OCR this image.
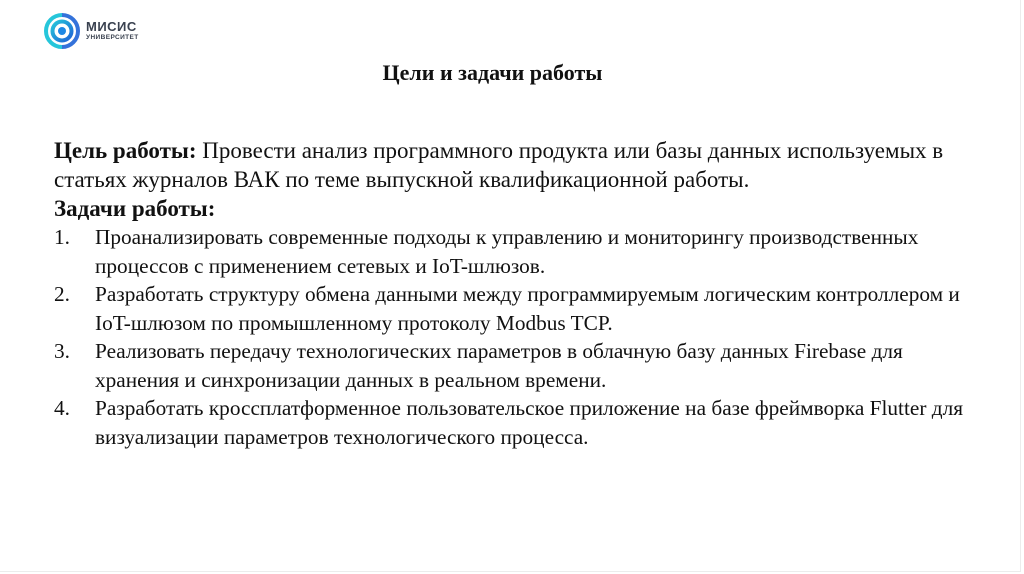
МИСИС
УНИВЕРСИТЕТ
Цели и задачи работы
Цель работы: Провести анализ программного продукта или базы данных используемых в статьях журналов ВАК по теме выпускной квалификационной работы.
Задачи работы:
1.	Проанализировать современные подходы к управлению и мониторингу производственных процессов с применением сетевых и IoT-шлюзов.
2.	Разработать структуру обмена данными между программируемым логическим контроллером и IoT-шлюзом по промышленному протоколу Modbus TCP.
3.	Реализовать передачу технологических параметров в облачную базу данных Firebase для хранения и синхронизации данных в реальном времени.
4.	Разработать кроссплатформенное пользовательское приложение на базе фреймворка Flutter для визуализации параметров технологического процесса.
